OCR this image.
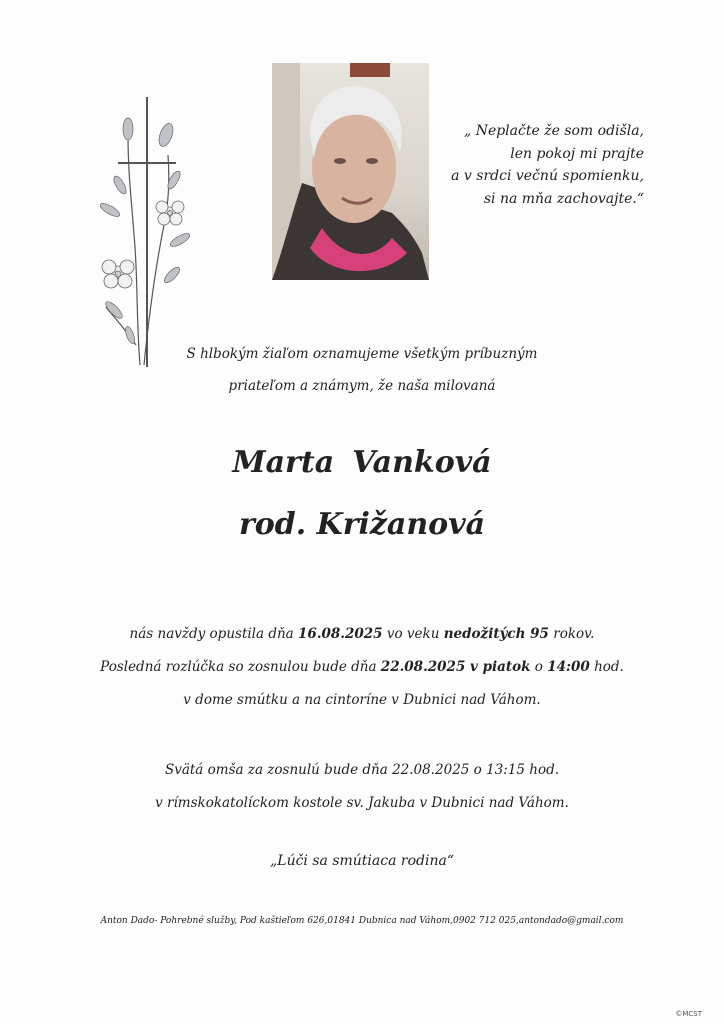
„ Neplačte že som odišla,
len pokoj mi prajte
a v srdci večnú spomienku,
si na mňa zachovajte.“
S hlbokým žiaľom oznamujeme všetkým príbuzným
priateľom a známym, že naša milovaná
Marta Vanková
rod. Križanová
nás navždy opustila dňa 16.08.2025 vo veku nedožitých 95 rokov.
Posledná rozlúčka so zosnulou bude dňa 22.08.2025 v piatok o 14:00 hod.
v dome smútku a na cintoríne v Dubnici nad Váhom.
Svätá omša za zosnulú bude dňa 22.08.2025 o 13:15 hod.
v rímskokatolíckom kostole sv. Jakuba v Dubnici nad Váhom.
„Lúči sa smútiaca rodina“
Anton Dado- Pohrebné služby, Pod kaštieľom 626,01841 Dubnica nad Váhom,0902 712 025,antondado@gmail.com
©MCST
